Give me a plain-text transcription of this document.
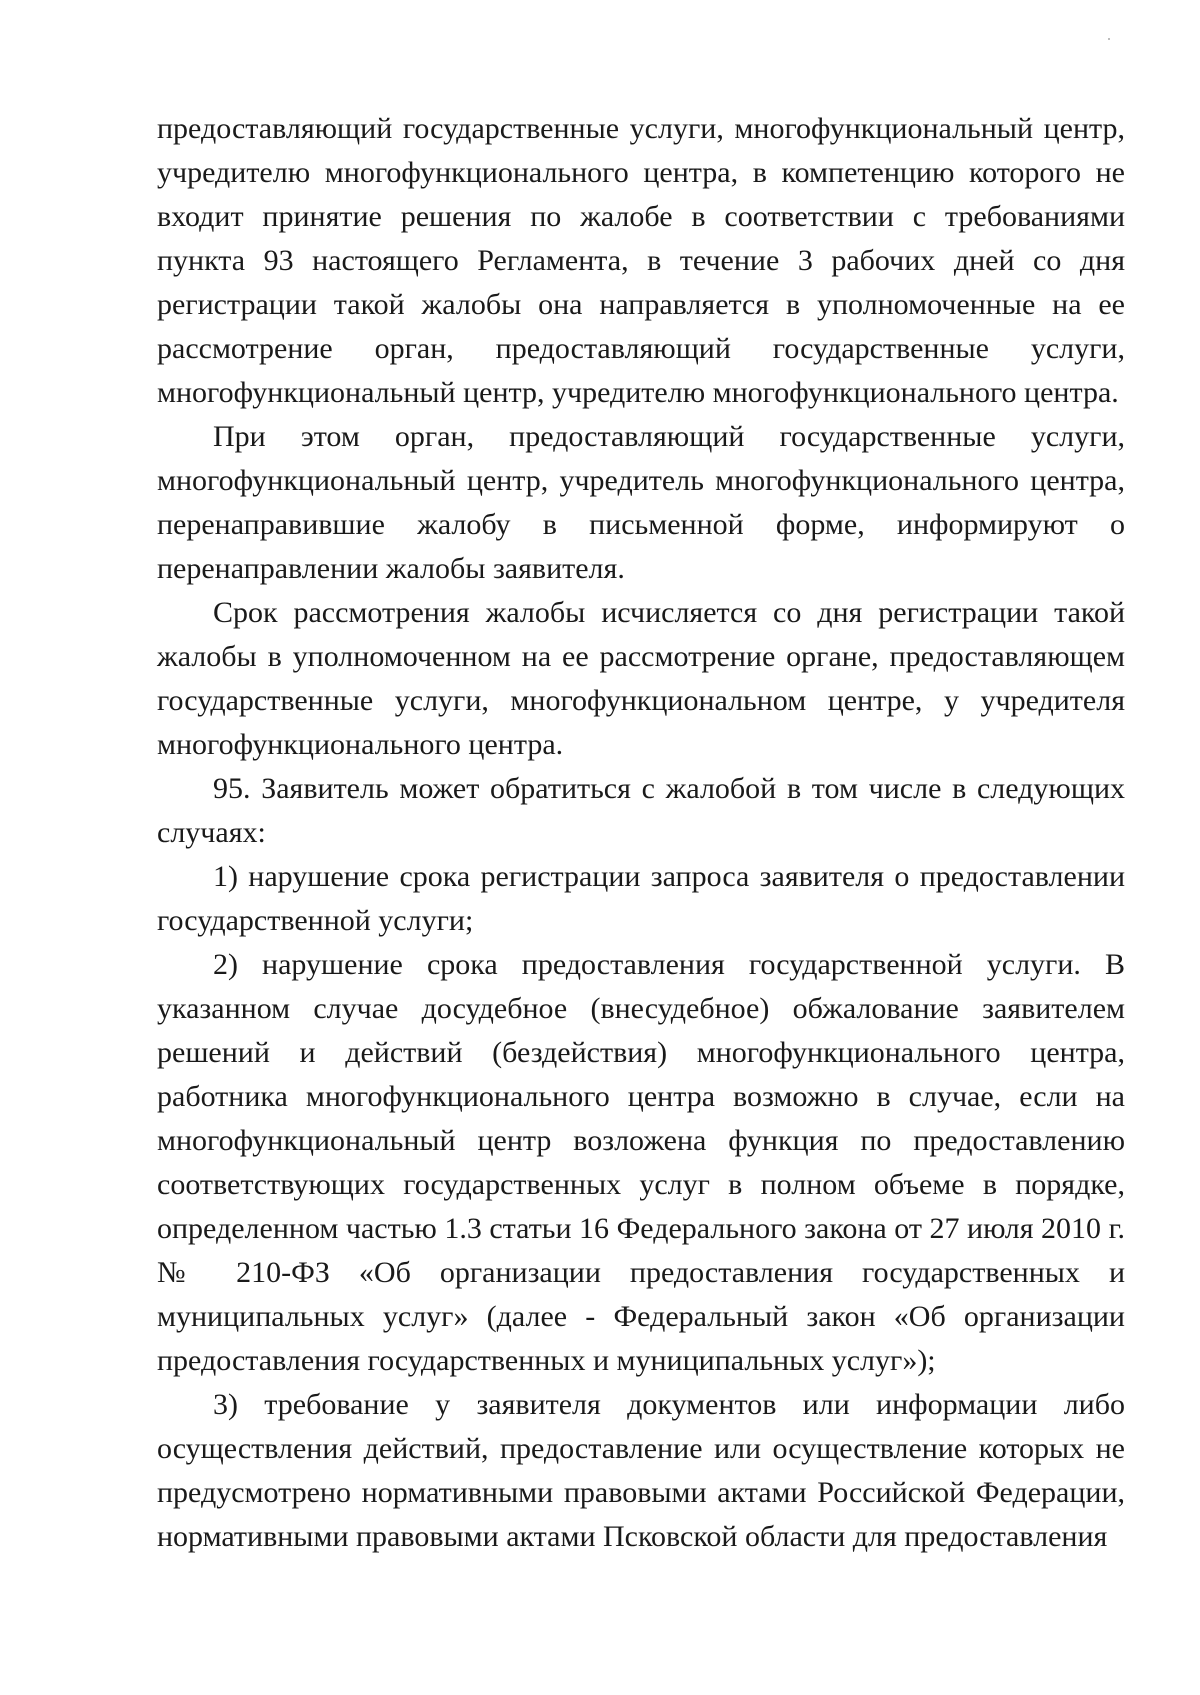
предоставляющий государственные услуги, многофункциональный центр, учредителю многофункционального центра, в компетенцию которого не входит принятие решения по жалобе в соответствии с требованиями пункта 93 настоящего Регламента, в течение 3 рабочих дней со дня регистрации такой жалобы она направляется в уполномоченные на ее рассмотрение орган, предоставляющий государственные услуги, многофункциональный центр, учредителю многофункционального центра.

При этом орган, предоставляющий государственные услуги, многофункциональный центр, учредитель многофункционального центра, перенаправившие жалобу в письменной форме, информируют о перенаправлении жалобы заявителя.

Срок рассмотрения жалобы исчисляется со дня регистрации такой жалобы в уполномоченном на ее рассмотрение органе, предоставляющем государственные услуги, многофункциональном центре, у учредителя многофункционального центра.

95. Заявитель может обратиться с жалобой в том числе в следующих случаях:

1) нарушение срока регистрации запроса заявителя о предоставлении государственной услуги;

2) нарушение срока предоставления государственной услуги. В указанном случае досудебное (внесудебное) обжалование заявителем решений и действий (бездействия) многофункционального центра, работника многофункционального центра возможно в случае, если на многофункциональный центр возложена функция по предоставлению соответствующих государственных услуг в полном объеме в порядке, определенном частью 1.3 статьи 16 Федерального закона от 27 июля 2010 г. № 210-ФЗ «Об организации предоставления государственных и муниципальных услуг» (далее - Федеральный закон «Об организации предоставления государственных и муниципальных услуг»);

3) требование у заявителя документов или информации либо осуществления действий, предоставление или осуществление которых не предусмотрено нормативными правовыми актами Российской Федерации, нормативными правовыми актами Псковской области для предоставления
